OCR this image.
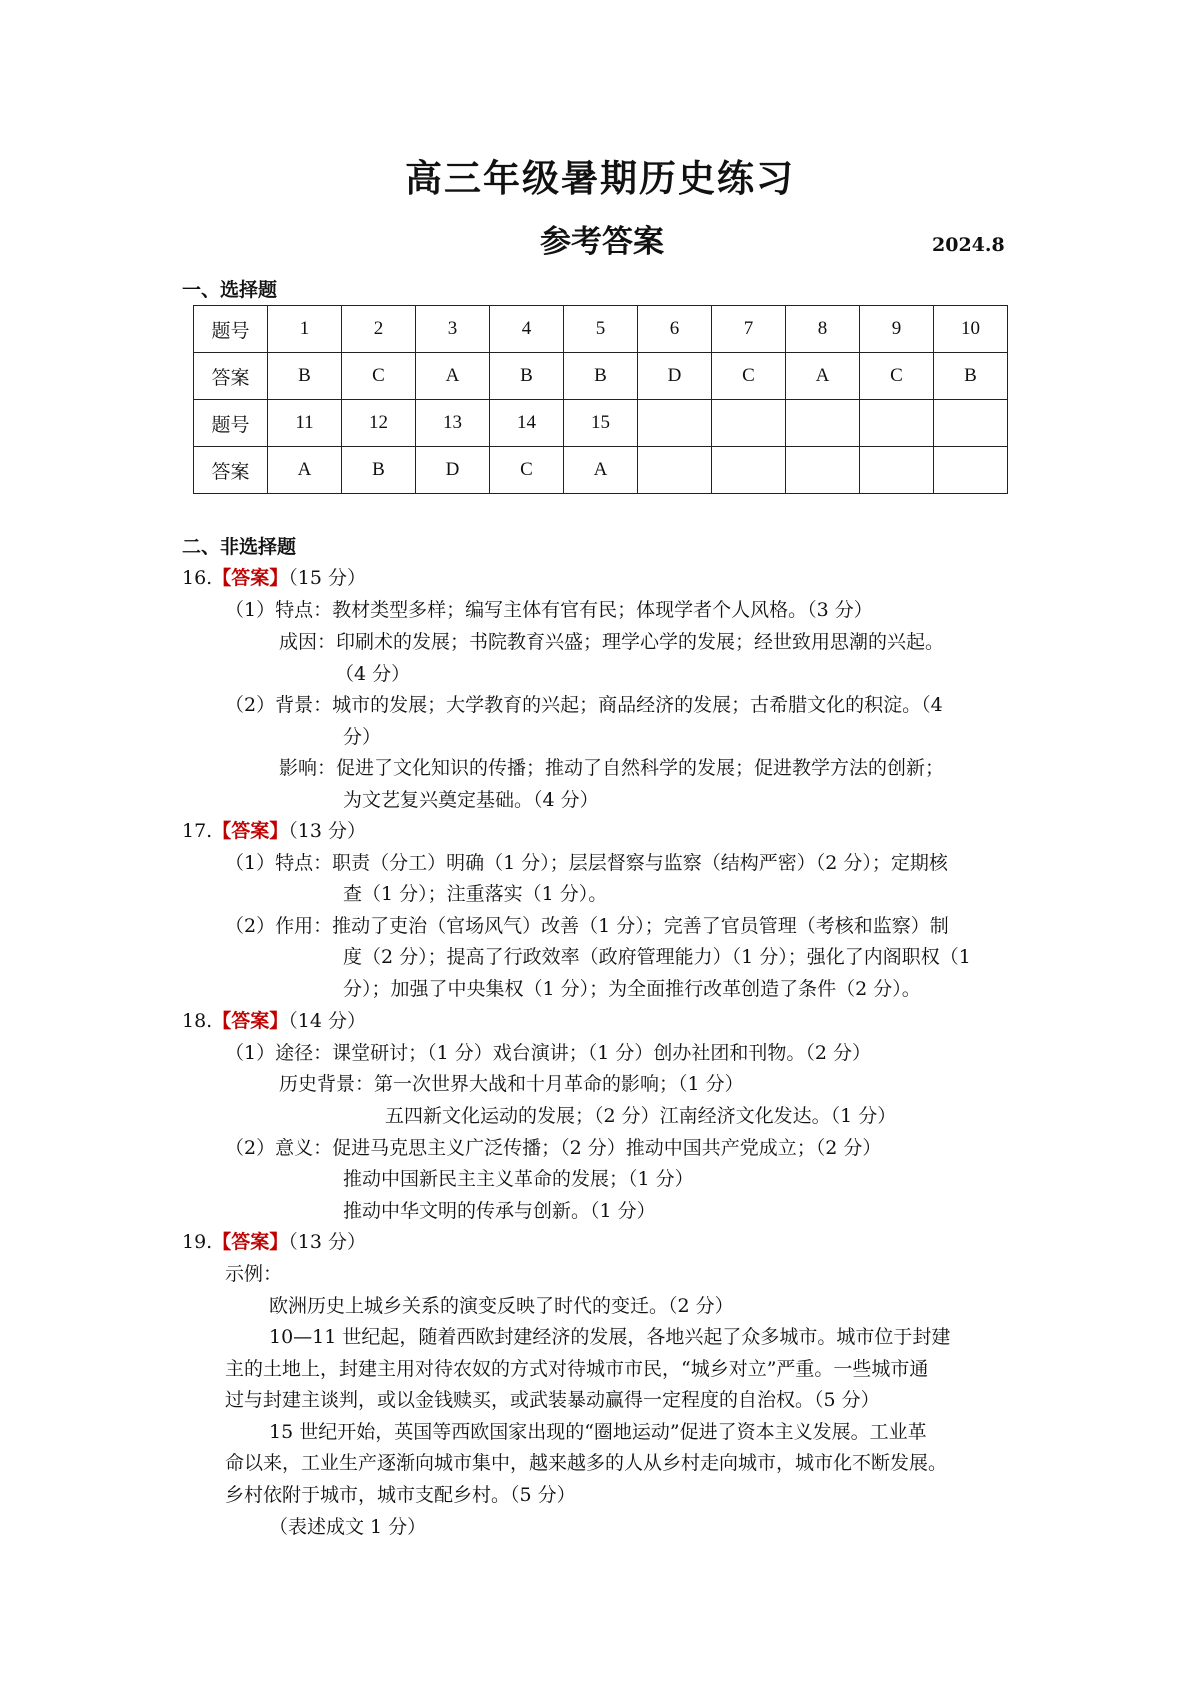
高三年级暑期历史练习
参考答案	2024.8
一、选择题
题号	1	2	3	4	5	6	7	8	9	10
答案	B	C	A	B	B	D	C	A	C	B
题号	11	12	13	14	15					
答案	A	B	D	C	A					
二、非选择题
16.【答案】（15 分）
（1）特点：教材类型多样；编写主体有官有民；体现学者个人风格。（3 分）
成因：印刷术的发展；书院教育兴盛；理学心学的发展；经世致用思潮的兴起。
（4 分）
（2）背景：城市的发展；大学教育的兴起；商品经济的发展；古希腊文化的积淀。（4
分）
影响：促进了文化知识的传播；推动了自然科学的发展；促进教学方法的创新；
为文艺复兴奠定基础。（4 分）
17.【答案】（13 分）
（1）特点：职责（分工）明确（1 分）；层层督察与监察（结构严密）（2 分）；定期核
查（1 分）；注重落实（1 分）。
（2）作用：推动了吏治（官场风气）改善（1 分）；完善了官员管理（考核和监察）制
度（2 分）；提高了行政效率（政府管理能力）（1 分）；强化了内阁职权（1
分）；加强了中央集权（1 分）；为全面推行改革创造了条件（2 分）。
18.【答案】（14 分）
（1）途径：课堂研讨；（1 分）戏台演讲；（1 分）创办社团和刊物。（2 分）
历史背景：第一次世界大战和十月革命的影响；（1 分）
五四新文化运动的发展；（2 分）江南经济文化发达。（1 分）
（2）意义：促进马克思主义广泛传播；（2 分）推动中国共产党成立；（2 分）
推动中国新民主主义革命的发展；（1 分）
推动中华文明的传承与创新。（1 分）
19.【答案】（13 分）
示例：
欧洲历史上城乡关系的演变反映了时代的变迁。（2 分）
10—11 世纪起，随着西欧封建经济的发展，各地兴起了众多城市。城市位于封建
主的土地上，封建主用对待农奴的方式对待城市市民，“城乡对立”严重。一些城市通
过与封建主谈判，或以金钱赎买，或武装暴动赢得一定程度的自治权。（5 分）
15 世纪开始，英国等西欧国家出现的“圈地运动”促进了资本主义发展。工业革
命以来，工业生产逐渐向城市集中，越来越多的人从乡村走向城市，城市化不断发展。
乡村依附于城市，城市支配乡村。（5 分）
（表述成文 1 分）
